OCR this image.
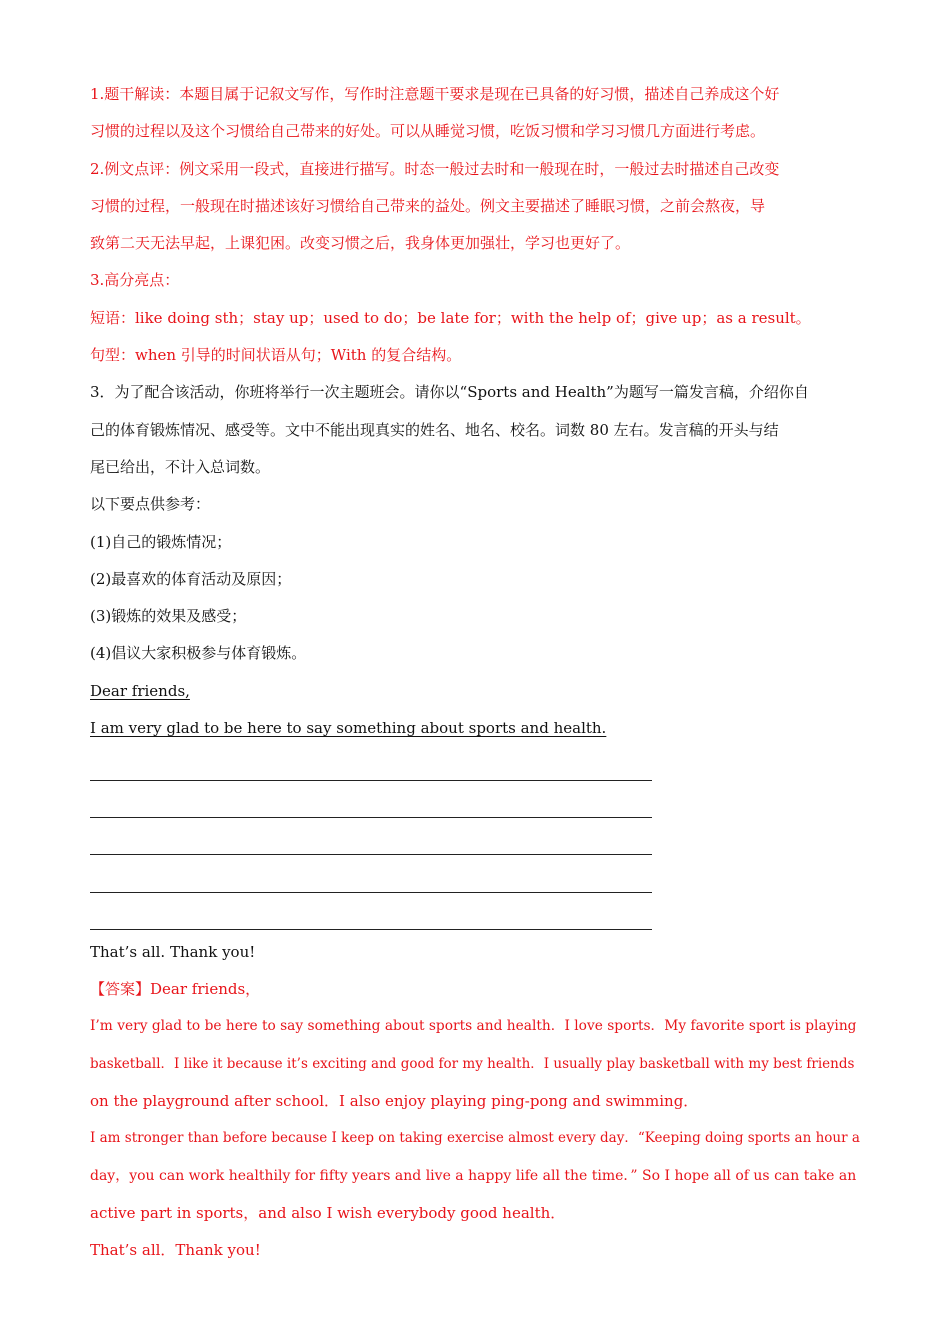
1.题干解读：本题目属于记叙文写作，写作时注意题干要求是现在已具备的好习惯，描述自己养成这个好
习惯的过程以及这个习惯给自己带来的好处。可以从睡觉习惯，吃饭习惯和学习习惯几方面进行考虑。
2.例文点评：例文采用一段式，直接进行描写。时态一般过去时和一般现在时，一般过去时描述自己改变
习惯的过程，一般现在时描述该好习惯给自己带来的益处。例文主要描述了睡眠习惯，之前会熬夜，导
致第二天无法早起，上课犯困。改变习惯之后，我身体更加强壮，学习也更好了。
3.高分亮点：
短语：like doing sth；stay up；used to do；be late for；with the help of；give up；as a result。
句型：when 引导的时间状语从句；With 的复合结构。
3．为了配合该活动，你班将举行一次主题班会。请你以“Sports and Health”为题写一篇发言稿，介绍你自
己的体育锻炼情况、感受等。文中不能出现真实的姓名、地名、校名。词数 80 左右。发言稿的开头与结
尾已给出，不计入总词数。
以下要点供参考：
(1)自己的锻炼情况；
(2)最喜欢的体育活动及原因；
(3)锻炼的效果及感受；
(4)倡议大家积极参与体育锻炼。
Dear friends,
I am very glad to be here to say something about sports and health.
That’s all. Thank you!
【答案】Dear friends，
I’m very glad to be here to say something about sports and health．I love sports．My favorite sport is playing
basketball．I like it because it’s exciting and good for my health．I usually play basketball with my best friends
on the playground after school．I also enjoy playing ping-pong and swimming．
I am stronger than before because I keep on taking exercise almost every day．“Keeping doing sports an hour a
day，you can work healthily for fifty years and live a happy life all the time．” So I hope all of us can take an
active part in sports，and also I wish everybody good health．
That’s all．Thank you!
